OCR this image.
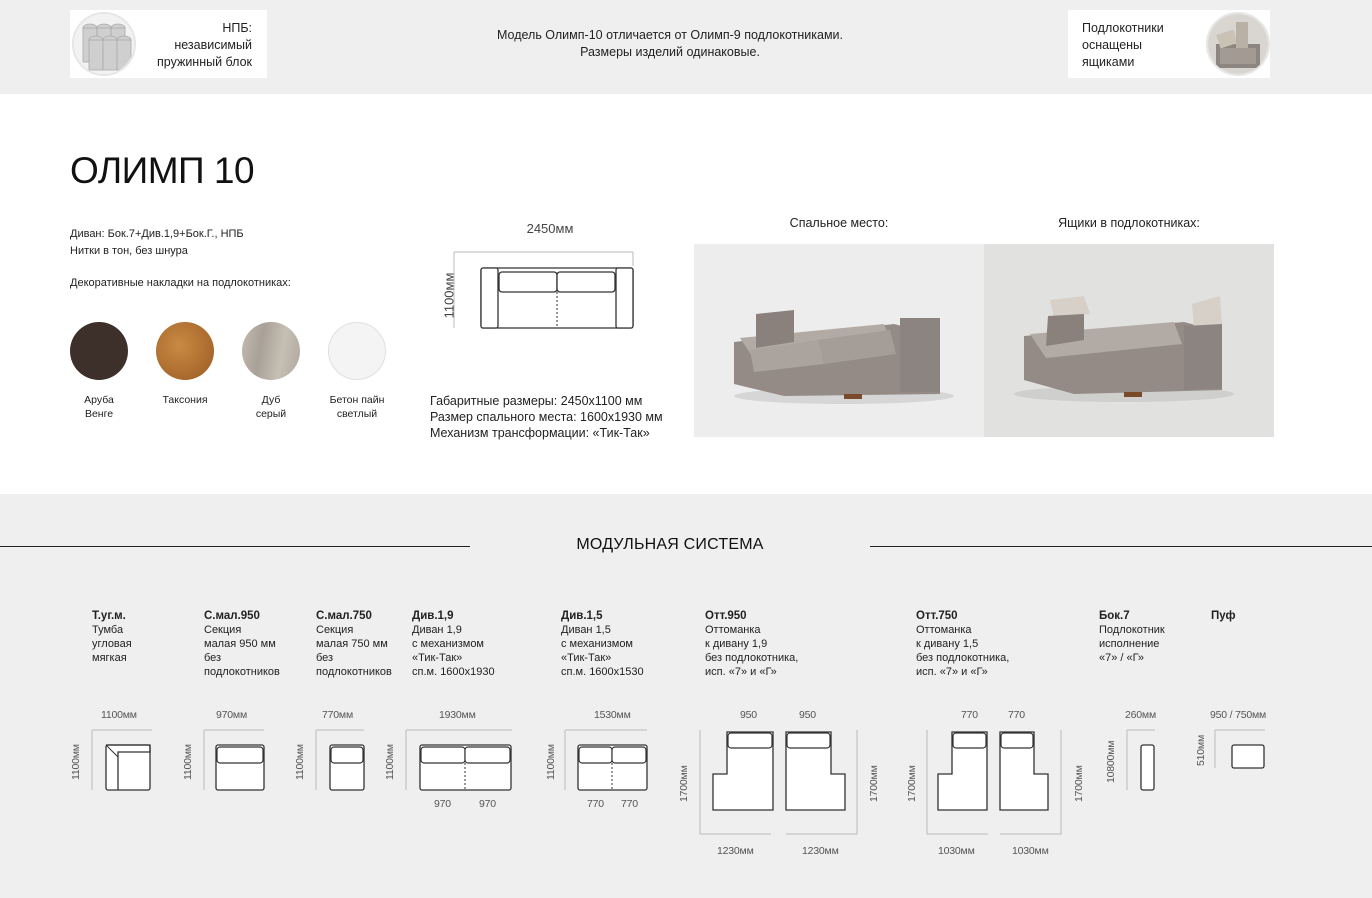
НПБ:
независимый
пружинный блок
Модель Олимп-10 отличается от Олимп-9 подлокотниками.
Размеры изделий одинаковые.
Подлокотники
оснащены
ящиками
ОЛИМП 10
Диван: Бок.7+Див.1,9+Бок.Г., НПБ
Нитки в тон, без шнура
Декоративные накладки на подлокотниках:
Аруба
Венге
Таксония	Дуб
серый
Бетон пайн
светлый
2450мм
1100мм
Габаритные размеры: 2450x1100 мм
Размер спального места: 1600x1930 мм
Механизм трансформации: «Тик-Так»
Спальное место:	Ящики в подлокотниках:
МОДУЛЬНАЯ СИСТЕМА
Т.уг.м.
Тумба
угловая
мягкая
С.мал.950
Секция
малая 950 мм
без
подлокотников
С.мал.750
Секция
малая 750 мм
без
подлокотников
Див.1,9
Диван 1,9
с механизмом
«Тик-Так»
сп.м. 1600x1930
Див.1,5
Диван 1,5
с механизмом
«Тик-Так»
сп.м. 1600x1530
Отт.950
Оттоманка
к дивану 1,9
без подлокотника,
исп. «7» и «Г»
Отт.750
Оттоманка
к дивану 1,5
без подлокотника,
исп. «7» и «Г»
Бок.7
Подлокотник
исполнение
«7» / «Г»
Пуф
1100мм
1100мм
970мм
1100мм
770мм
1100мм
1930мм
1100мм
970	970
1530мм
1100мм
770 770
950	950
1700мм	1700мм
1230мм	1230мм
770	770
1700мм	1700мм
1030мм	1030мм
260мм
10800мм
950 / 750мм
510мм
